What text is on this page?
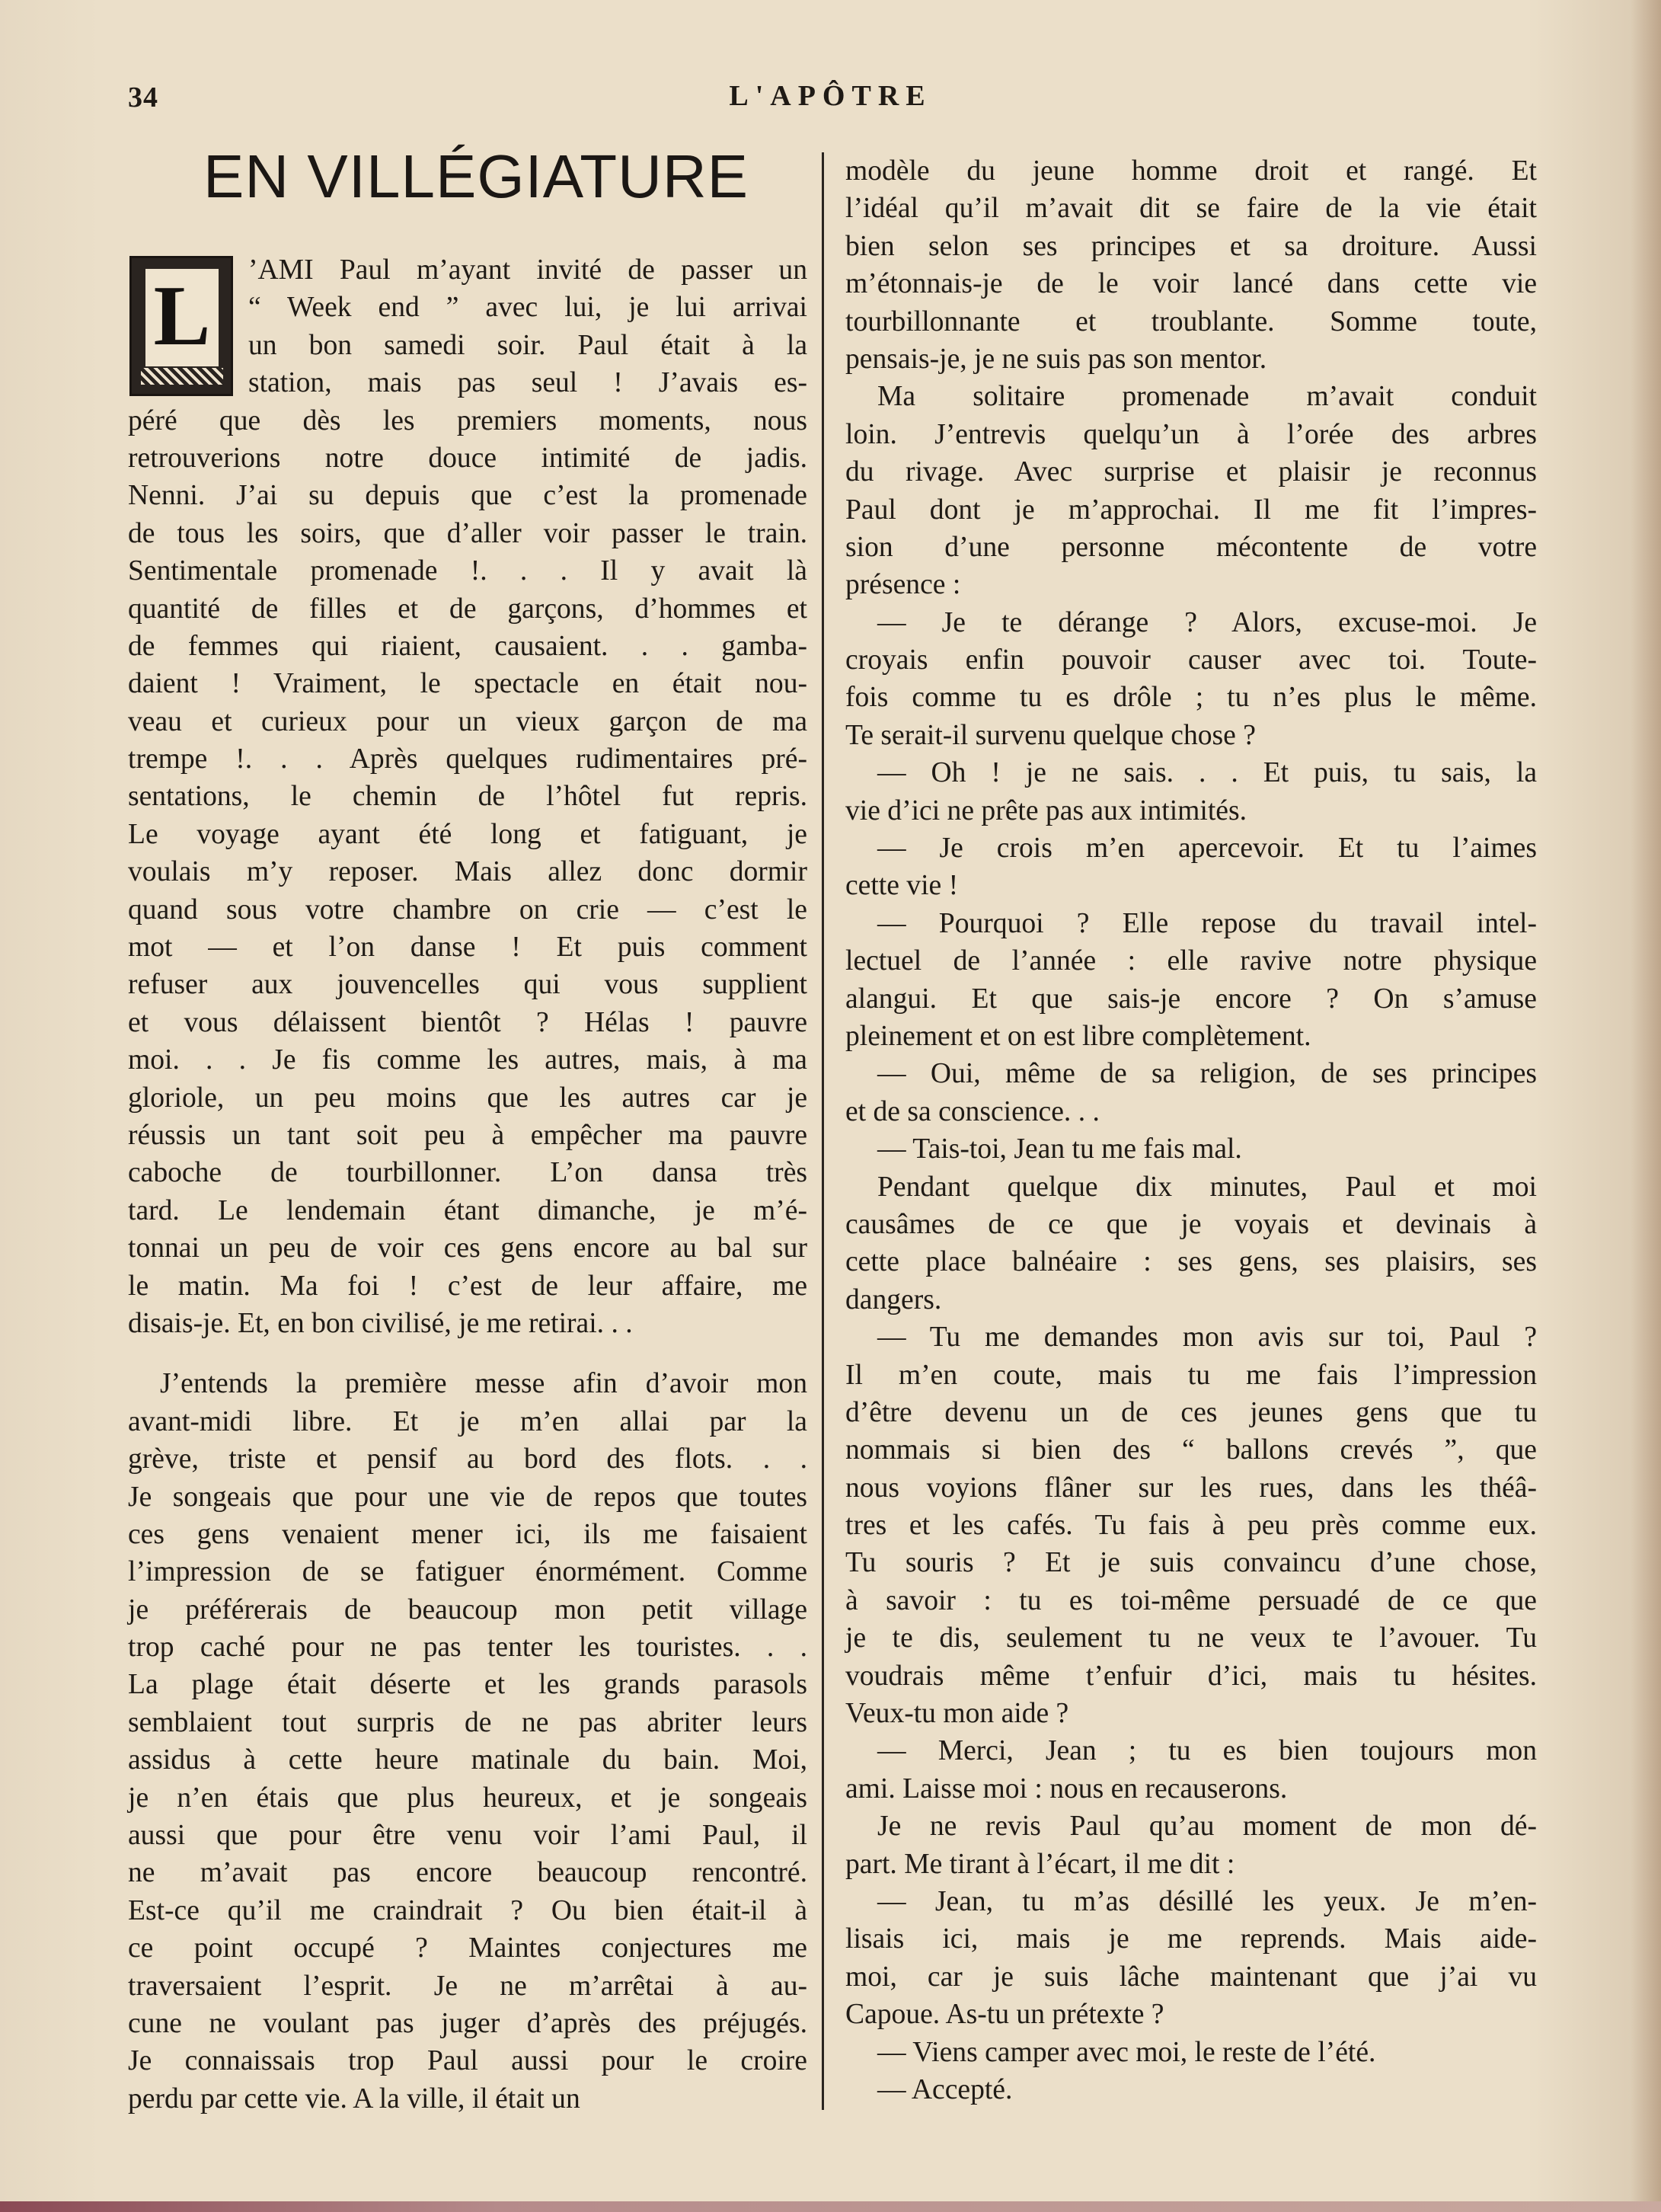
34	L'APÔTRE
EN VILLÉGIATURE
L	’AMI Paul m’ayant invité de passer un
“ Week end ” avec lui, je lui arrivai
un bon samedi soir. Paul était à la
station, mais pas seul ! J’avais es-
péré que dès les premiers moments, nous
retrouverions notre douce intimité de jadis.
Nenni. J’ai su depuis que c’est la promenade
de tous les soirs, que d’aller voir passer le train.
Sentimentale promenade !. . . Il y avait là
quantité de filles et de garçons, d’hommes et
de femmes qui riaient, causaient. . . gamba-
daient ! Vraiment, le spectacle en était nou-
veau et curieux pour un vieux garçon de ma
trempe !. . . Après quelques rudimentaires pré-
sentations, le chemin de l’hôtel fut repris.
Le voyage ayant été long et fatiguant, je
voulais m’y reposer. Mais allez donc dormir
quand sous votre chambre on crie — c’est le
mot — et l’on danse ! Et puis comment
refuser aux jouvencelles qui vous supplient
et vous délaissent bientôt ? Hélas ! pauvre
moi. . . Je fis comme les autres, mais, à ma
gloriole, un peu moins que les autres car je
réussis un tant soit peu à empêcher ma pauvre
caboche de tourbillonner. L’on dansa très
tard. Le lendemain étant dimanche, je m’é-
tonnai un peu de voir ces gens encore au bal sur
le matin. Ma foi ! c’est de leur affaire, me
disais-je. Et, en bon civilisé, je me retirai. . .
J’entends la première messe afin d’avoir mon
avant-midi libre. Et je m’en allai par la
grève, triste et pensif au bord des flots. . .
Je songeais que pour une vie de repos que toutes
ces gens venaient mener ici, ils me faisaient
l’impression de se fatiguer énormément. Comme
je préférerais de beaucoup mon petit village
trop caché pour ne pas tenter les touristes. . .
La plage était déserte et les grands parasols
semblaient tout surpris de ne pas abriter leurs
assidus à cette heure matinale du bain. Moi,
je n’en étais que plus heureux, et je songeais
aussi que pour être venu voir l’ami Paul, il
ne m’avait pas encore beaucoup rencontré.
Est-ce qu’il me craindrait ? Ou bien était-il à
ce point occupé ? Maintes conjectures me
traversaient l’esprit. Je ne m’arrêtai à au-
cune ne voulant pas juger d’après des préjugés.
Je connaissais trop Paul aussi pour le croire
perdu par cette vie. A la ville, il était un
modèle du jeune homme droit et rangé. Et
l’idéal qu’il m’avait dit se faire de la vie était
bien selon ses principes et sa droiture. Aussi
m’étonnais-je de le voir lancé dans cette vie
tourbillonnante et troublante. Somme toute,
pensais-je, je ne suis pas son mentor.
Ma solitaire promenade m’avait conduit
loin. J’entrevis quelqu’un à l’orée des arbres
du rivage. Avec surprise et plaisir je reconnus
Paul dont je m’approchai. Il me fit l’impres-
sion d’une personne mécontente de votre
présence :
— Je te dérange ? Alors, excuse-moi. Je
croyais enfin pouvoir causer avec toi. Toute-
fois comme tu es drôle ; tu n’es plus le même.
Te serait-il survenu quelque chose ?
— Oh ! je ne sais. . . Et puis, tu sais, la
vie d’ici ne prête pas aux intimités.
— Je crois m’en apercevoir. Et tu l’aimes
cette vie !
— Pourquoi ? Elle repose du travail intel-
lectuel de l’année : elle ravive notre physique
alangui. Et que sais-je encore ? On s’amuse
pleinement et on est libre complètement.
— Oui, même de sa religion, de ses principes
et de sa conscience. . .
— Tais-toi, Jean tu me fais mal.
Pendant quelque dix minutes, Paul et moi
causâmes de ce que je voyais et devinais à
cette place balnéaire : ses gens, ses plaisirs, ses
dangers.
— Tu me demandes mon avis sur toi, Paul ?
Il m’en coute, mais tu me fais l’impression
d’être devenu un de ces jeunes gens que tu
nommais si bien des “ ballons crevés ”, que
nous voyions flâner sur les rues, dans les théâ-
tres et les cafés. Tu fais à peu près comme eux.
Tu souris ? Et je suis convaincu d’une chose,
à savoir : tu es toi-même persuadé de ce que
je te dis, seulement tu ne veux te l’avouer. Tu
voudrais même t’enfuir d’ici, mais tu hésites.
Veux-tu mon aide ?
— Merci, Jean ; tu es bien toujours mon
ami. Laisse moi : nous en recauserons.
Je ne revis Paul qu’au moment de mon dé-
part. Me tirant à l’écart, il me dit :
— Jean, tu m’as désillé les yeux. Je m’en-
lisais ici, mais je me reprends. Mais aide-
moi, car je suis lâche maintenant que j’ai vu
Capoue. As-tu un prétexte ?
— Viens camper avec moi, le reste de l’été.
— Accepté.
